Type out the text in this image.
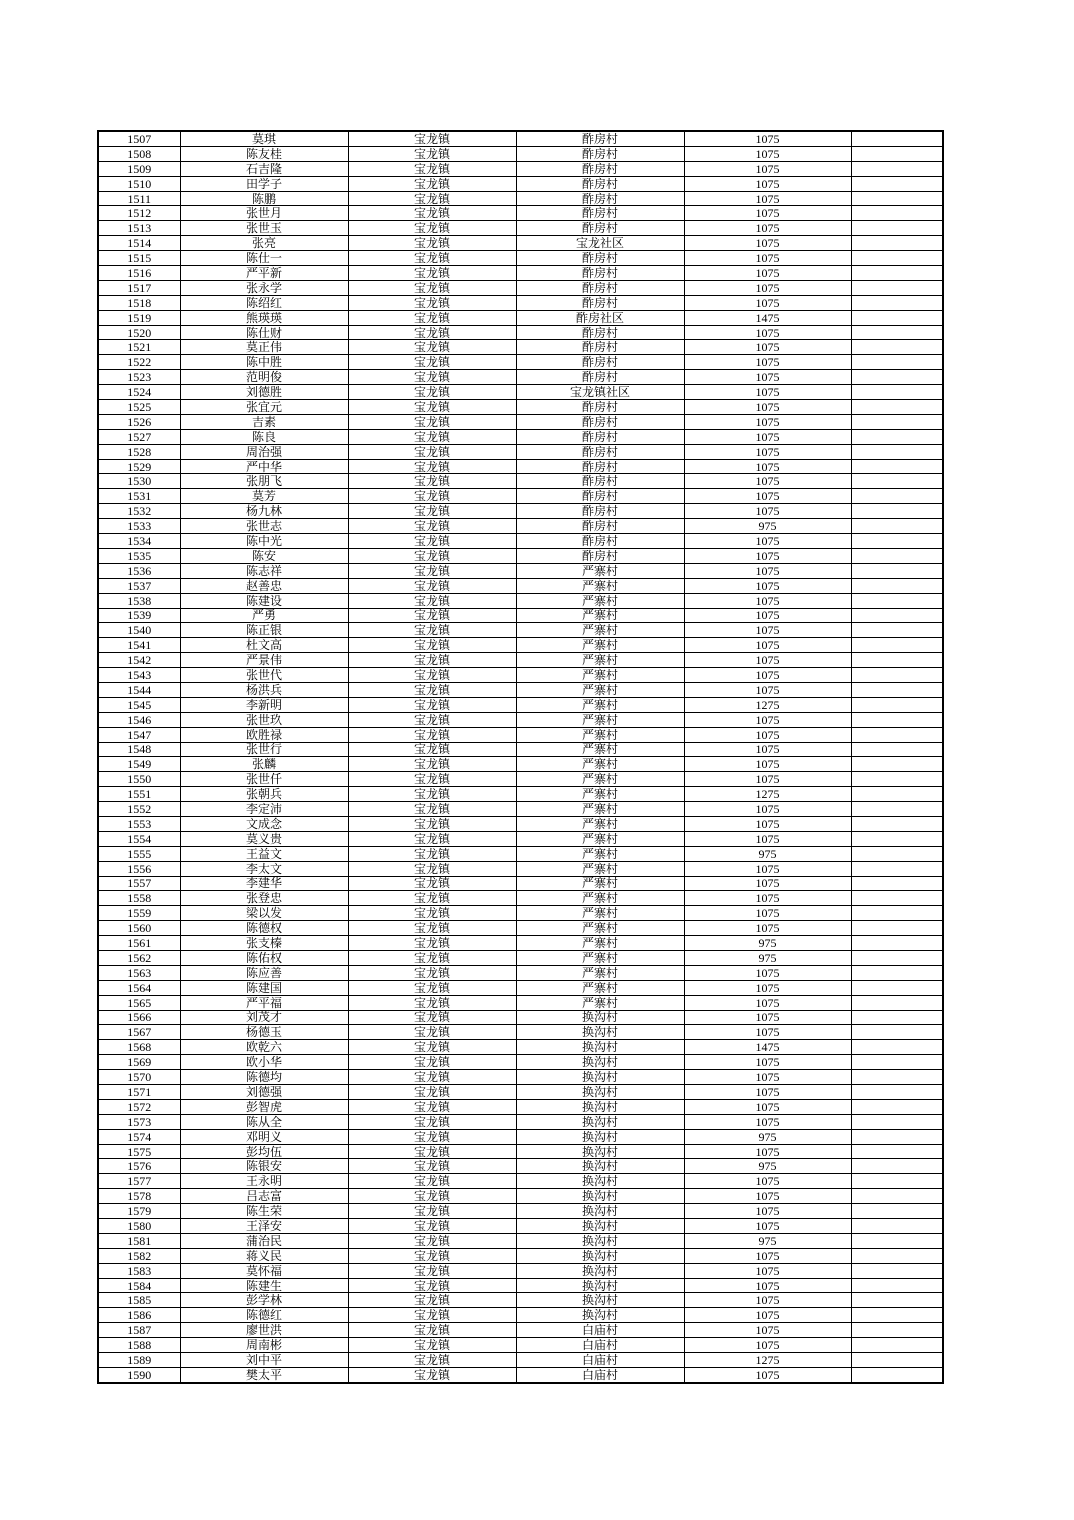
1507	莫琪	宝龙镇	酢房村	1075	
1508	陈友桂	宝龙镇	酢房村	1075	
1509	石吉隆	宝龙镇	酢房村	1075	
1510	田学子	宝龙镇	酢房村	1075	
1511	陈鹏	宝龙镇	酢房村	1075	
1512	张世月	宝龙镇	酢房村	1075	
1513	张世玉	宝龙镇	酢房村	1075	
1514	张亮	宝龙镇	宝龙社区	1075	
1515	陈仕一	宝龙镇	酢房村	1075	
1516	严平新	宝龙镇	酢房村	1075	
1517	张永学	宝龙镇	酢房村	1075	
1518	陈绍红	宝龙镇	酢房村	1075	
1519	熊瑛瑛	宝龙镇	酢房社区	1475	
1520	陈仕财	宝龙镇	酢房村	1075	
1521	莫正伟	宝龙镇	酢房村	1075	
1522	陈中胜	宝龙镇	酢房村	1075	
1523	范明俊	宝龙镇	酢房村	1075	
1524	刘德胜	宝龙镇	宝龙镇社区	1075	
1525	张宜元	宝龙镇	酢房村	1075	
1526	吉素	宝龙镇	酢房村	1075	
1527	陈良	宝龙镇	酢房村	1075	
1528	周治强	宝龙镇	酢房村	1075	
1529	严中华	宝龙镇	酢房村	1075	
1530	张朋飞	宝龙镇	酢房村	1075	
1531	莫芳	宝龙镇	酢房村	1075	
1532	杨九林	宝龙镇	酢房村	1075	
1533	张世志	宝龙镇	酢房村	975	
1534	陈中光	宝龙镇	酢房村	1075	
1535	陈安	宝龙镇	酢房村	1075	
1536	陈志祥	宝龙镇	严寨村	1075	
1537	赵善忠	宝龙镇	严寨村	1075	
1538	陈建设	宝龙镇	严寨村	1075	
1539	严勇	宝龙镇	严寨村	1075	
1540	陈正银	宝龙镇	严寨村	1075	
1541	杜文高	宝龙镇	严寨村	1075	
1542	严景伟	宝龙镇	严寨村	1075	
1543	张世代	宝龙镇	严寨村	1075	
1544	杨洪兵	宝龙镇	严寨村	1075	
1545	李新明	宝龙镇	严寨村	1275	
1546	张世玖	宝龙镇	严寨村	1075	
1547	欧胜禄	宝龙镇	严寨村	1075	
1548	张世行	宝龙镇	严寨村	1075	
1549	张麟	宝龙镇	严寨村	1075	
1550	张世仟	宝龙镇	严寨村	1075	
1551	张朝兵	宝龙镇	严寨村	1275	
1552	李定沛	宝龙镇	严寨村	1075	
1553	文成念	宝龙镇	严寨村	1075	
1554	莫义贵	宝龙镇	严寨村	1075	
1555	王益文	宝龙镇	严寨村	975	
1556	李太文	宝龙镇	严寨村	1075	
1557	李建华	宝龙镇	严寨村	1075	
1558	张登忠	宝龙镇	严寨村	1075	
1559	梁以发	宝龙镇	严寨村	1075	
1560	陈德权	宝龙镇	严寨村	1075	
1561	张支榛	宝龙镇	严寨村	975	
1562	陈佑权	宝龙镇	严寨村	975	
1563	陈应善	宝龙镇	严寨村	1075	
1564	陈建国	宝龙镇	严寨村	1075	
1565	严平福	宝龙镇	严寨村	1075	
1566	刘茂才	宝龙镇	换沟村	1075	
1567	杨德玉	宝龙镇	换沟村	1075	
1568	欧乾六	宝龙镇	换沟村	1475	
1569	欧小华	宝龙镇	换沟村	1075	
1570	陈德均	宝龙镇	换沟村	1075	
1571	刘德强	宝龙镇	换沟村	1075	
1572	彭智虎	宝龙镇	换沟村	1075	
1573	陈从全	宝龙镇	换沟村	1075	
1574	邓明义	宝龙镇	换沟村	975	
1575	彭均伍	宝龙镇	换沟村	1075	
1576	陈银安	宝龙镇	换沟村	975	
1577	王永明	宝龙镇	换沟村	1075	
1578	吕志富	宝龙镇	换沟村	1075	
1579	陈生荣	宝龙镇	换沟村	1075	
1580	王泽安	宝龙镇	换沟村	1075	
1581	蒲治民	宝龙镇	换沟村	975	
1582	蒋义民	宝龙镇	换沟村	1075	
1583	莫怀福	宝龙镇	换沟村	1075	
1584	陈建生	宝龙镇	换沟村	1075	
1585	彭学林	宝龙镇	换沟村	1075	
1586	陈德红	宝龙镇	换沟村	1075	
1587	廖世洪	宝龙镇	白庙村	1075	
1588	周南彬	宝龙镇	白庙村	1075	
1589	刘中平	宝龙镇	白庙村	1275	
1590	樊太平	宝龙镇	白庙村	1075	
